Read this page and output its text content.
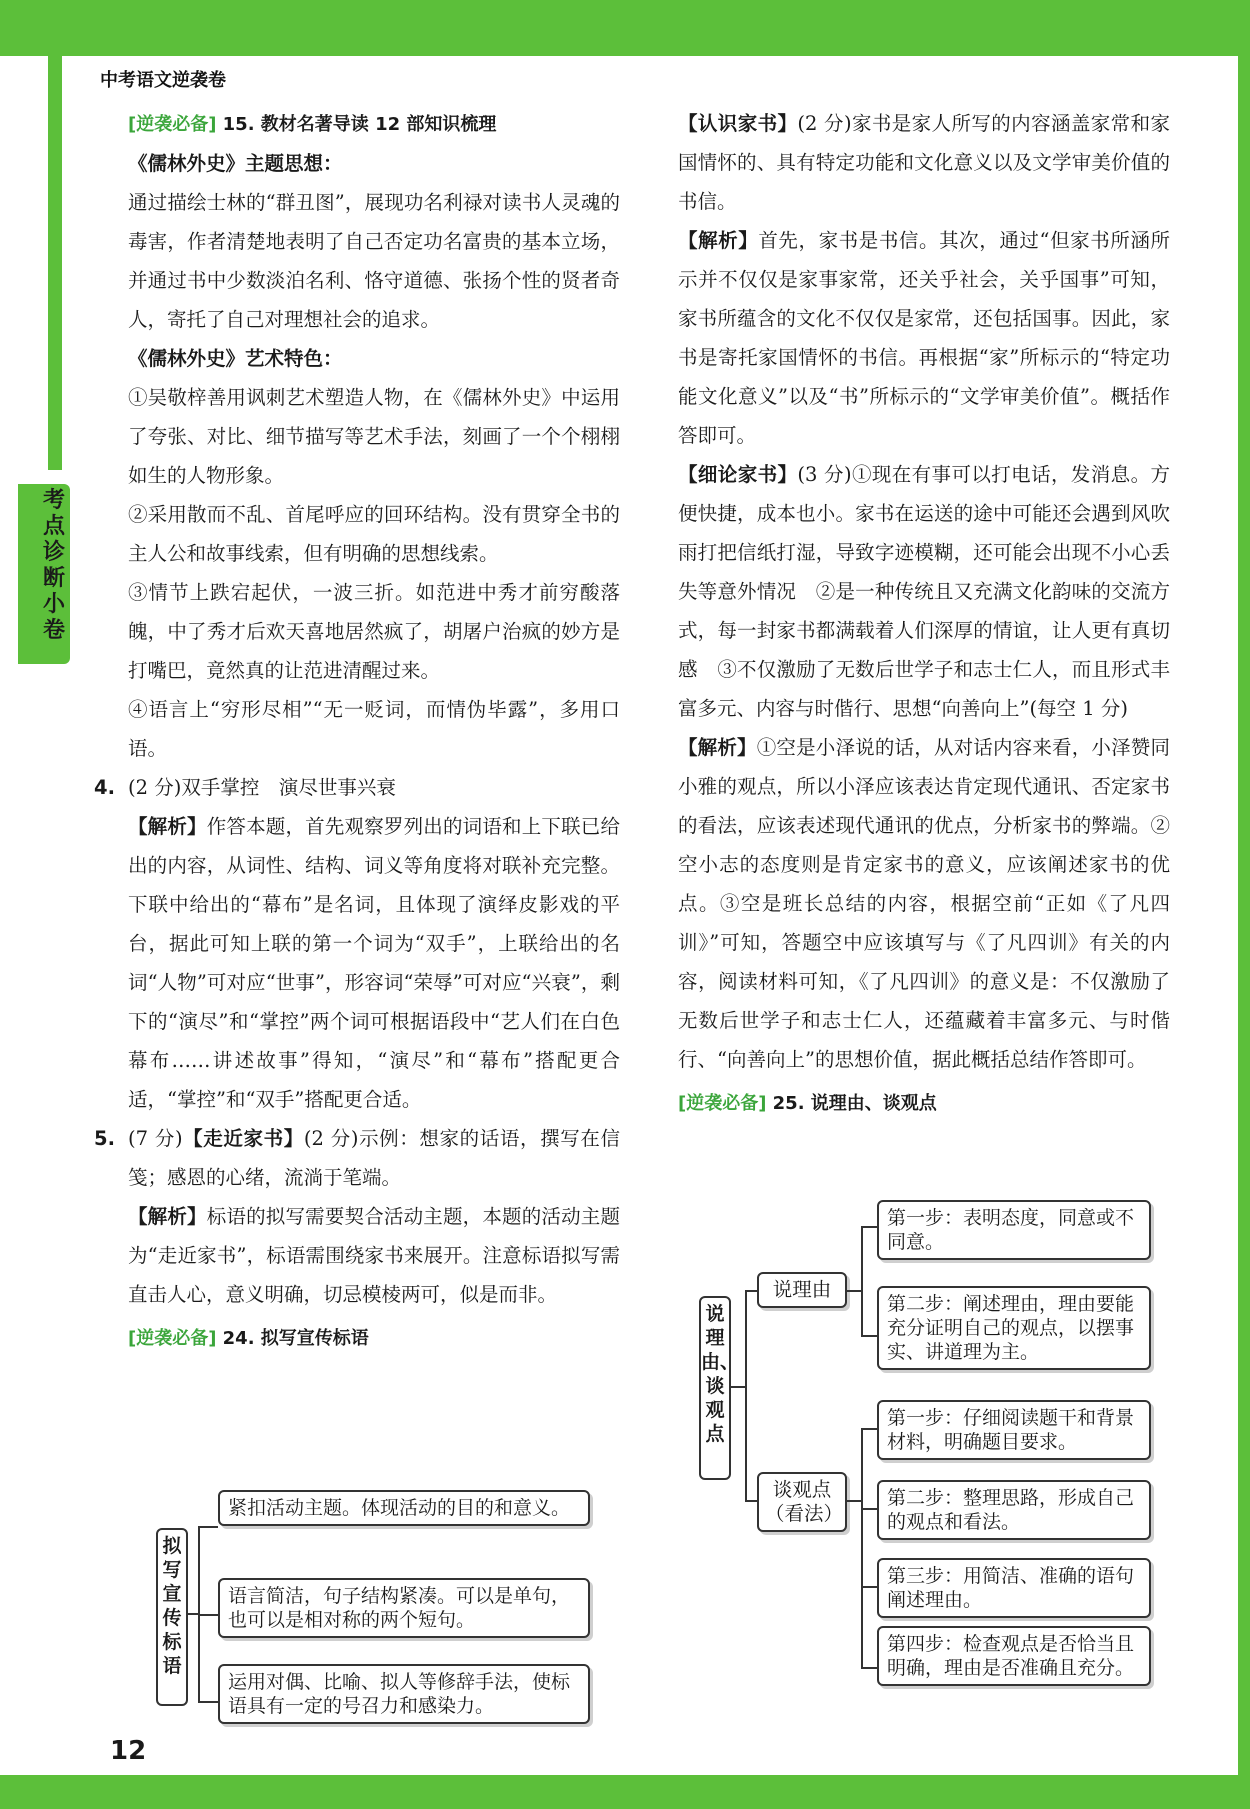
中考语文逆袭卷
考点诊断小卷
12

[逆袭必备] 15. 教材名著导读 12 部知识梳理

《儒林外史》主题思想：

通过描绘士林的“群丑图”，展现功名利禄对读书人灵魂的毒害，作者清楚地表明了自己否定功名富贵的基本立场，并通过书中少数淡泊名利、恪守道德、张扬个性的贤者奇人，寄托了自己对理想社会的追求。

《儒林外史》艺术特色：

①吴敬梓善用讽刺艺术塑造人物，在《儒林外史》中运用了夸张、对比、细节描写等艺术手法，刻画了一个个栩栩如生的人物形象。

②采用散而不乱、首尾呼应的回环结构。没有贯穿全书的主人公和故事线索，但有明确的思想线索。

③情节上跌宕起伏，一波三折。如范进中秀才前穷酸落魄，中了秀才后欢天喜地居然疯了，胡屠户治疯的妙方是打嘴巴，竟然真的让范进清醒过来。

④语言上“穷形尽相”“无一贬词，而情伪毕露”，多用口语。

4. (2 分)双手掌控　演尽世事兴衰

【解析】作答本题，首先观察罗列出的词语和上下联已给出的内容，从词性、结构、词义等角度将对联补充完整。下联中给出的“幕布”是名词，且体现了演绎皮影戏的平台，据此可知上联的第一个词为“双手”，上联给出的名词“人物”可对应“世事”，形容词“荣辱”可对应“兴衰”，剩下的“演尽”和“掌控”两个词可根据语段中“艺人们在白色幕布……讲述故事”得知，“演尽”和“幕布”搭配更合适，“掌控”和“双手”搭配更合适。

5. (7 分)【走近家书】(2 分)示例：想家的话语，撰写在信笺；感恩的心绪，流淌于笔端。

【解析】标语的拟写需要契合活动主题，本题的活动主题为“走近家书”，标语需围绕家书来展开。注意标语拟写需直击人心，意义明确，切忌模棱两可，似是而非。

[逆袭必备] 24. 拟写宣传标语

拟写宣传标语
紧扣活动主题。体现活动的目的和意义。
语言简洁，句子结构紧凑。可以是单句，也可以是相对称的两个短句。
运用对偶、比喻、拟人等修辞手法，使标语具有一定的号召力和感染力。

【认识家书】(2 分)家书是家人所写的内容涵盖家常和家国情怀的、具有特定功能和文化意义以及文学审美价值的书信。

【解析】首先，家书是书信。其次，通过“但家书所涵所示并不仅仅是家事家常，还关乎社会，关乎国事”可知，家书所蕴含的文化不仅仅是家常，还包括国事。因此，家书是寄托家国情怀的书信。再根据“家”所标示的“特定功能文化意义”以及“书”所标示的“文学审美价值”。概括作答即可。

【细论家书】(3 分)①现在有事可以打电话，发消息。方便快捷，成本也小。家书在运送的途中可能还会遇到风吹雨打把信纸打湿，导致字迹模糊，还可能会出现不小心丢失等意外情况　②是一种传统且又充满文化韵味的交流方式，每一封家书都满载着人们深厚的情谊，让人更有真切感　③不仅激励了无数后世学子和志士仁人，而且形式丰富多元、内容与时偕行、思想“向善向上”(每空 1 分)

【解析】①空是小泽说的话，从对话内容来看，小泽赞同小雅的观点，所以小泽应该表达肯定现代通讯、否定家书的看法，应该表述现代通讯的优点，分析家书的弊端。②空小志的态度则是肯定家书的意义，应该阐述家书的优点。③空是班长总结的内容，根据空前“正如《了凡四训》”可知，答题空中应该填写与《了凡四训》有关的内容，阅读材料可知，《了凡四训》的意义是：不仅激励了无数后世学子和志士仁人，还蕴藏着丰富多元、与时偕行、“向善向上”的思想价值，据此概括总结作答即可。

[逆袭必备] 25. 说理由、谈观点

说理由、谈观点
说理由
谈观点（看法）
第一步：表明态度，同意或不同意。
第二步：阐述理由，理由要能充分证明自己的观点，以摆事实、讲道理为主。
第一步：仔细阅读题干和背景材料，明确题目要求。
第二步：整理思路，形成自己的观点和看法。
第三步：用简洁、准确的语句阐述理由。
第四步：检查观点是否恰当且明确，理由是否准确且充分。
